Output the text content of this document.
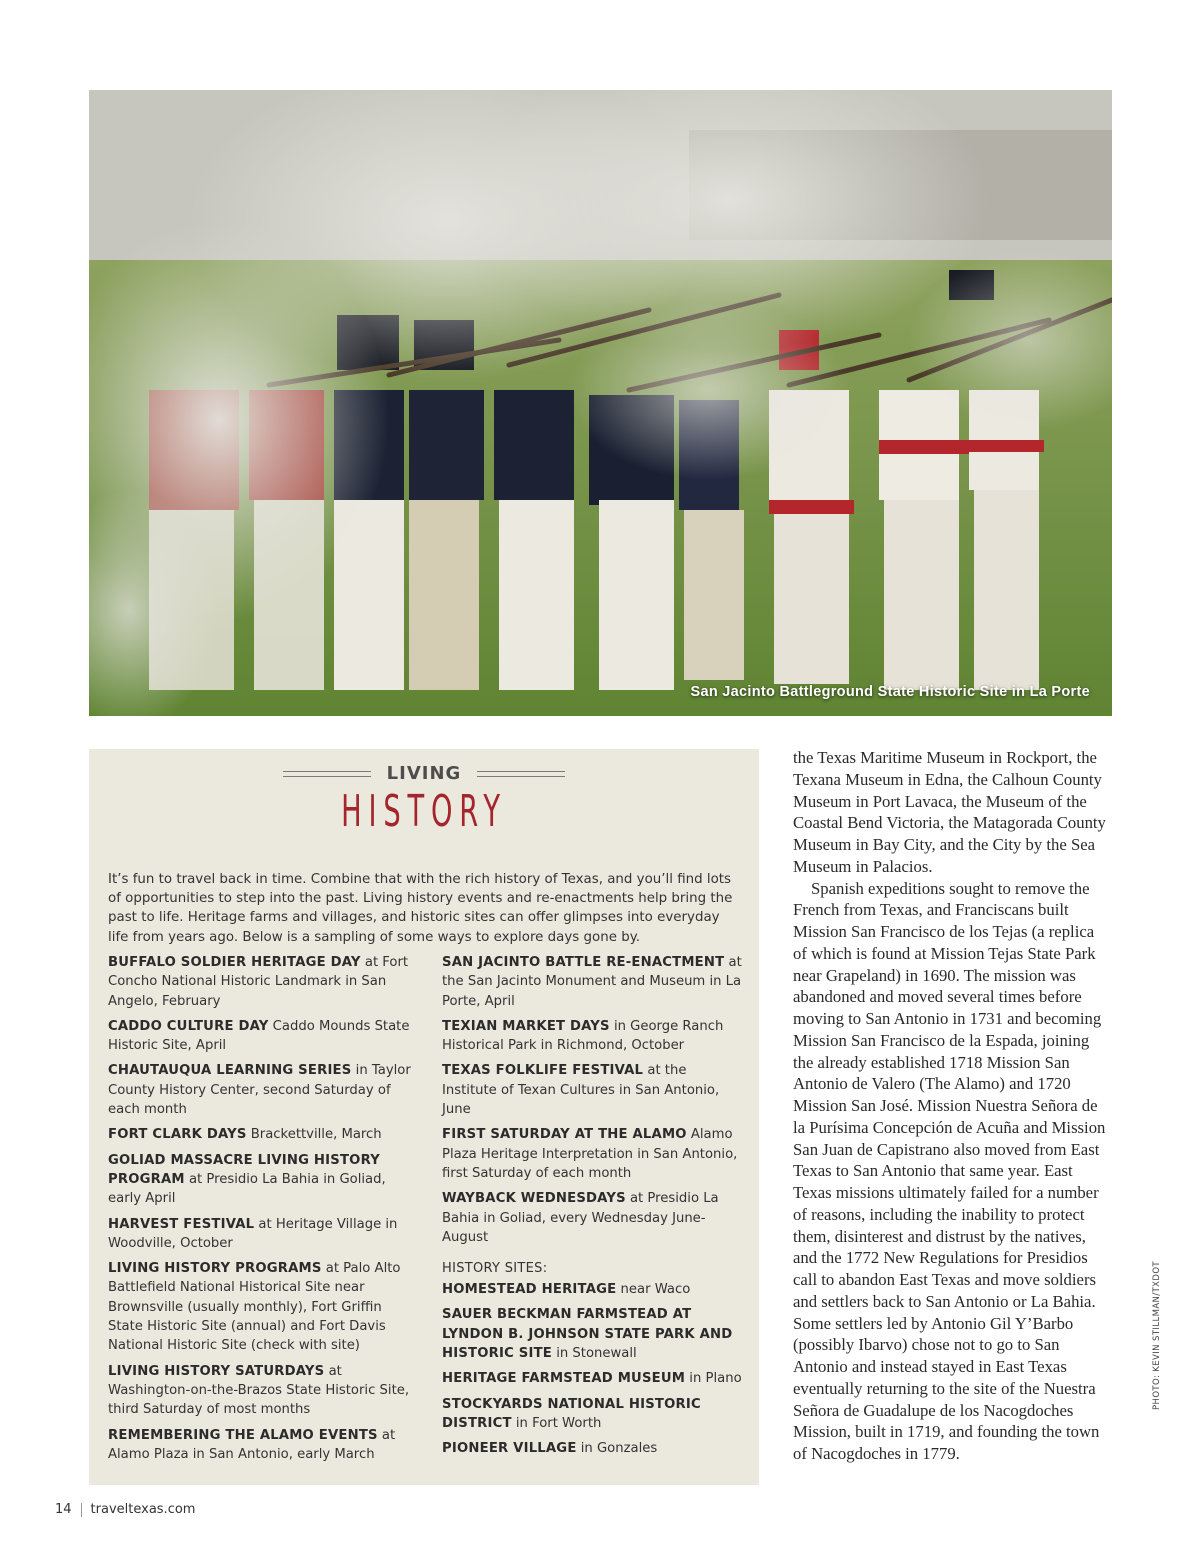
San Jacinto Battleground State Historic Site in La Porte
LIVING
HISTORY
It’s fun to travel back in time. Combine that with the rich history of Texas, and you’ll find lots of opportunities to step into the past. Living history events and re-enactments help bring the past to life. Heritage farms and villages, and historic sites can offer glimpses into everyday life from years ago. Below is a sampling of some ways to explore days gone by.
BUFFALO SOLDIER HERITAGE DAY at Fort Concho National Historic Landmark in San Angelo, February
CADDO CULTURE DAY Caddo Mounds State Historic Site, April
CHAUTAUQUA LEARNING SERIES in Taylor County History Center, second Saturday of each month
FORT CLARK DAYS Brackettville, March
GOLIAD MASSACRE LIVING HISTORY PROGRAM at Presidio La Bahia in Goliad, early April
HARVEST FESTIVAL at Heritage Village in Woodville, October
LIVING HISTORY PROGRAMS at Palo Alto Battlefield National Historical Site near Brownsville (usually monthly), Fort Griffin State Historic Site (annual) and Fort Davis National Historic Site (check with site)
LIVING HISTORY SATURDAYS at Washington-on-the-Brazos State Historic Site, third Saturday of most months
REMEMBERING THE ALAMO EVENTS at Alamo Plaza in San Antonio, early March
SAN JACINTO BATTLE RE-ENACTMENT at the San Jacinto Monument and Museum in La Porte, April
TEXIAN MARKET DAYS in George Ranch Historical Park in Richmond, October
TEXAS FOLKLIFE FESTIVAL at the Institute of Texan Cultures in San Antonio, June
FIRST SATURDAY AT THE ALAMO Alamo Plaza Heritage Interpretation in San Antonio, first Saturday of each month
WAYBACK WEDNESDAYS at Presidio La Bahia in Goliad, every Wednesday June-August
HISTORY SITES:
HOMESTEAD HERITAGE near Waco
SAUER BECKMAN FARMSTEAD AT LYNDON B. JOHNSON STATE PARK AND HISTORIC SITE in Stonewall
HERITAGE FARMSTEAD MUSEUM in Plano
STOCKYARDS NATIONAL HISTORIC DISTRICT in Fort Worth
PIONEER VILLAGE in Gonzales

the Texas Maritime Museum in Rockport, the Texana Museum in Edna, the Calhoun County Museum in Port Lavaca, the Museum of the Coastal Bend Victoria, the Matagorada County Museum in Bay City, and the City by the Sea Museum in Palacios.

Spanish expeditions sought to remove the French from Texas, and Franciscans built Mission San Francisco de los Tejas (a replica of which is found at Mission Tejas State Park near Grapeland) in 1690. The mission was abandoned and moved several times before moving to San Antonio in 1731 and becoming Mission San Francisco de la Espada, joining the already established 1718 Mission San Antonio de Valero (The Alamo) and 1720 Mission San José. Mission Nuestra Señora de la Purísima Concepción de Acuña and Mission San Juan de Capistrano also moved from East Texas to San Antonio that same year. East Texas missions ultimately failed for a number of reasons, including the inability to protect them, disinterest and distrust by the natives, and the 1772 New Regulations for Presidios call to abandon East Texas and move soldiers and settlers back to San Antonio or La Bahia. Some settlers led by Antonio Gil Y’Barbo (possibly Ibarvo) chose not to go to San Antonio and instead stayed in East Texas eventually returning to the site of the Nuestra Señora de Guadalupe de los Nacogdoches Mission, built in 1719, and founding the town of Nacogdoches in 1779.

PHOTO: KEVIN STILLMAN/TXDOT
14 traveltexas.com
